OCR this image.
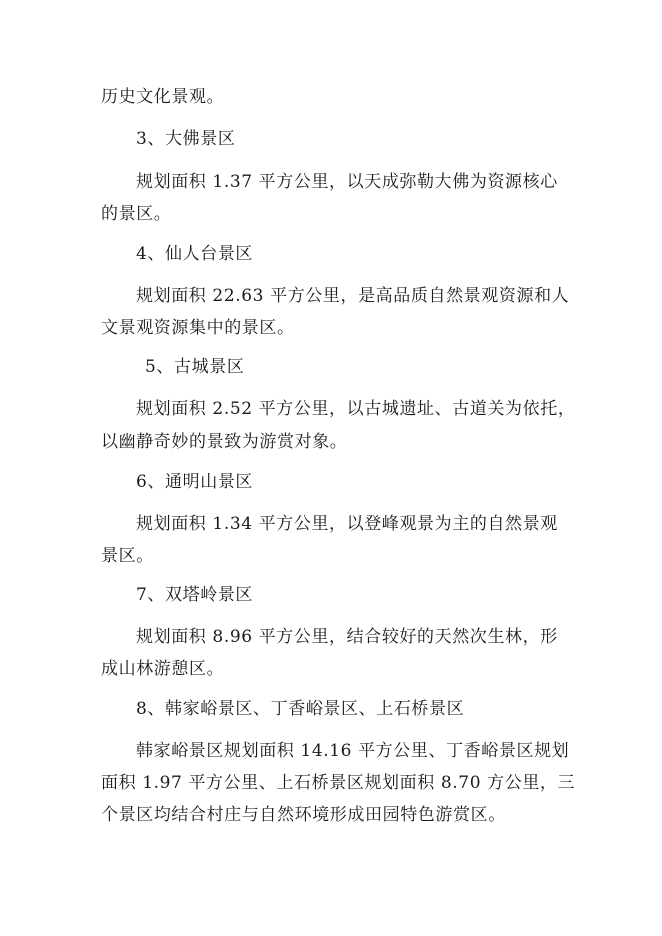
历史文化景观。
3、大佛景区
规划面积 1.37 平方公里，以天成弥勒大佛为资源核心
的景区。
4、仙人台景区
规划面积 22.63 平方公里，是高品质自然景观资源和人
文景观资源集中的景区。
5、古城景区
规划面积 2.52 平方公里，以古城遗址、古道关为依托，
以幽静奇妙的景致为游赏对象。
6、通明山景区
规划面积 1.34 平方公里，以登峰观景为主的自然景观
景区。
7、双塔岭景区
规划面积 8.96 平方公里，结合较好的天然次生林，形
成山林游憩区。
8、韩家峪景区、丁香峪景区、上石桥景区
韩家峪景区规划面积 14.16 平方公里、丁香峪景区规划
面积 1.97 平方公里、上石桥景区规划面积 8.70 方公里，三
个景区均结合村庄与自然环境形成田园特色游赏区。
